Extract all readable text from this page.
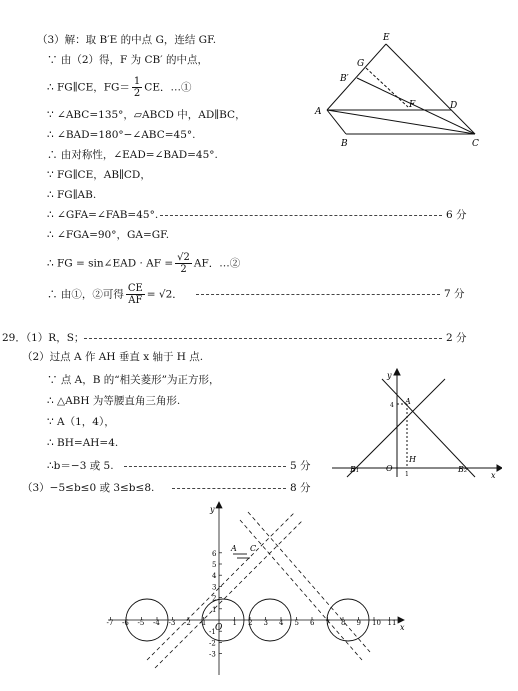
（3）解：取 B′E 的中点 G，连结 GF.
∵ 由（2）得，F 为 CB′ 的中点，
∴ FG∥CE，$FG= \frac{1}{2}$ CE．…①
∵ ∠ABC=135°，▱ABCD 中，AD∥BC，
∴ ∠BAD=180°−∠ABC=45°.
∴ 由对称性，∠EAD=∠BAD=45°.
∵ FG∥CE，AB∥CD，
∴ FG∥AB.
∴ ∠GFA=∠FAB=45°.	6 分
∴ ∠FGA=90°，GA=GF.
∴ FG = sin∠EAD · AF = $\frac{√2}{2}$ AF．…②
∴ 由①，②可得 $\frac{CE}{AF} = √2$．	7 分
29．（1）R，S；	2 分
（2）过点 A 作 AH 垂直 x 轴于 H 点.
∵ 点 A，B 的“相关菱形”为正方形，
∴ △ABH 为等腰直角三角形.
∵ A（1，4），
∴ BH=AH=4.
∴b＝−3 或 5.	5 分
（3）−5≤b≤0 或 3≤b≤8.	8 分
E
G
B′
A
F	D
B	C
y
x
A
4
O
1
H
B₁	B₂
-7 -6 -5 -4 -3 -2 -1	1 2 3 4 5 6 7 8 9 10 11
6
5
4
3
2
1
-1
-2
-3
A C
O
y
x
